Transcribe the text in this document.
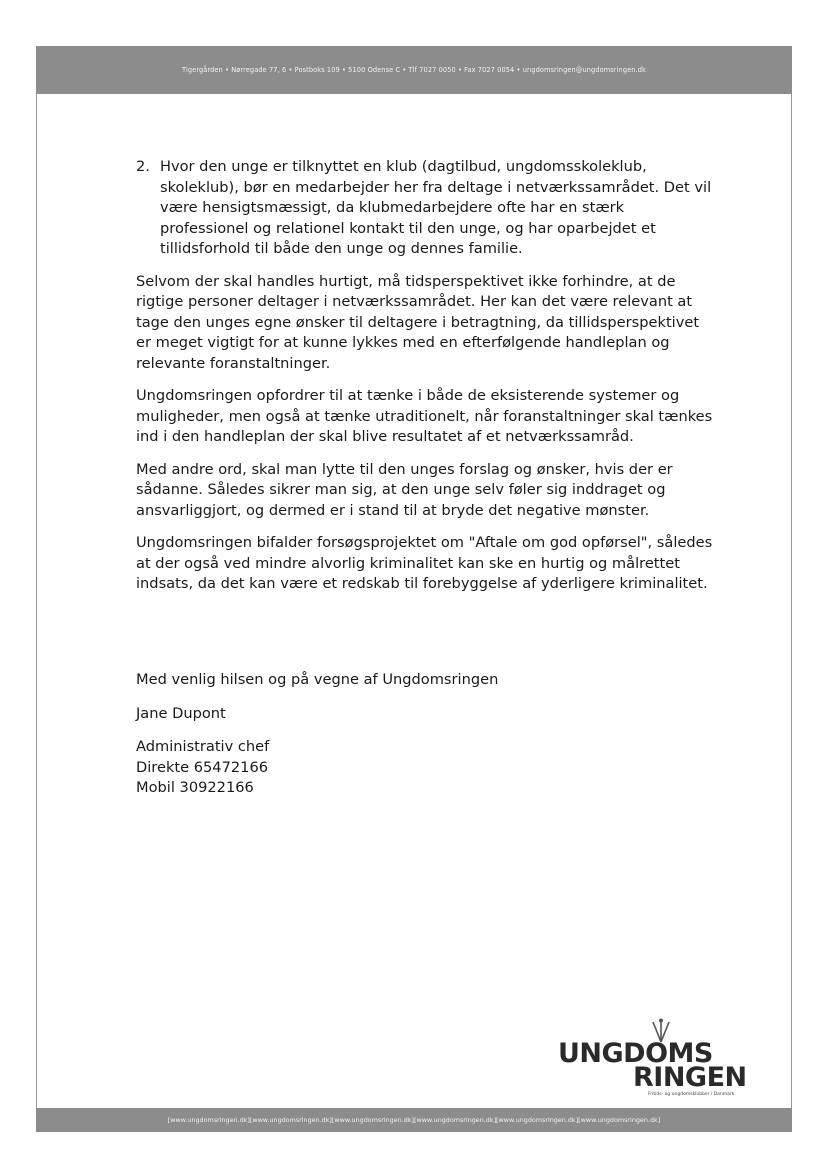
Tigergården • Nørregade 77, 6 • Postboks 109 • 5100 Odense C • Tlf 7027 0050 • Fax 7027 0054 • ungdomsringen@ungdomsringen.dk
2. Hvor den unge er tilknyttet en klub (dagtilbud, ungdomsskoleklub, skoleklub), bør en medarbejder her fra deltage i netværkssamrådet. Det vil være hensigtsmæssigt, da klubmedarbejdere ofte har en stærk professionel og relationel kontakt til den unge, og har oparbejdet et tillidsforhold til både den unge og dennes familie.

Selvom der skal handles hurtigt, må tidsperspektivet ikke forhindre, at de rigtige personer deltager i netværkssamrådet. Her kan det være relevant at tage den unges egne ønsker til deltagere i betragtning, da tillidsperspektivet er meget vigtigt for at kunne lykkes med en efterfølgende handleplan og relevante foranstaltninger.

Ungdomsringen opfordrer til at tænke i både de eksisterende systemer og muligheder, men også at tænke utraditionelt, når foranstaltninger skal tænkes ind i den handleplan der skal blive resultatet af et netværkssamråd.

Med andre ord, skal man lytte til den unges forslag og ønsker, hvis der er sådanne. Således sikrer man sig, at den unge selv føler sig inddraget og ansvarliggjort, og dermed er i stand til at bryde det negative mønster.

Ungdomsringen bifalder forsøgsprojektet om "Aftale om god opførsel", således at der også ved mindre alvorlig kriminalitet kan ske en hurtig og målrettet indsats, da det kan være et redskab til forebyggelse af yderligere kriminalitet.

Med venlig hilsen og på vegne af Ungdomsringen

Jane Dupont

Administrativ chef

Direkte 65472166

Mobil 30922166

UNGDOMS
RINGEN
Fritids- og ungdomsklubber i Danmark
[www.ungdomsringen.dk][www.ungdomsringen.dk][www.ungdomsringen.dk][www.ungdomsringen.dk][www.ungdomsringen.dk][www.ungdomsringen.dk]
